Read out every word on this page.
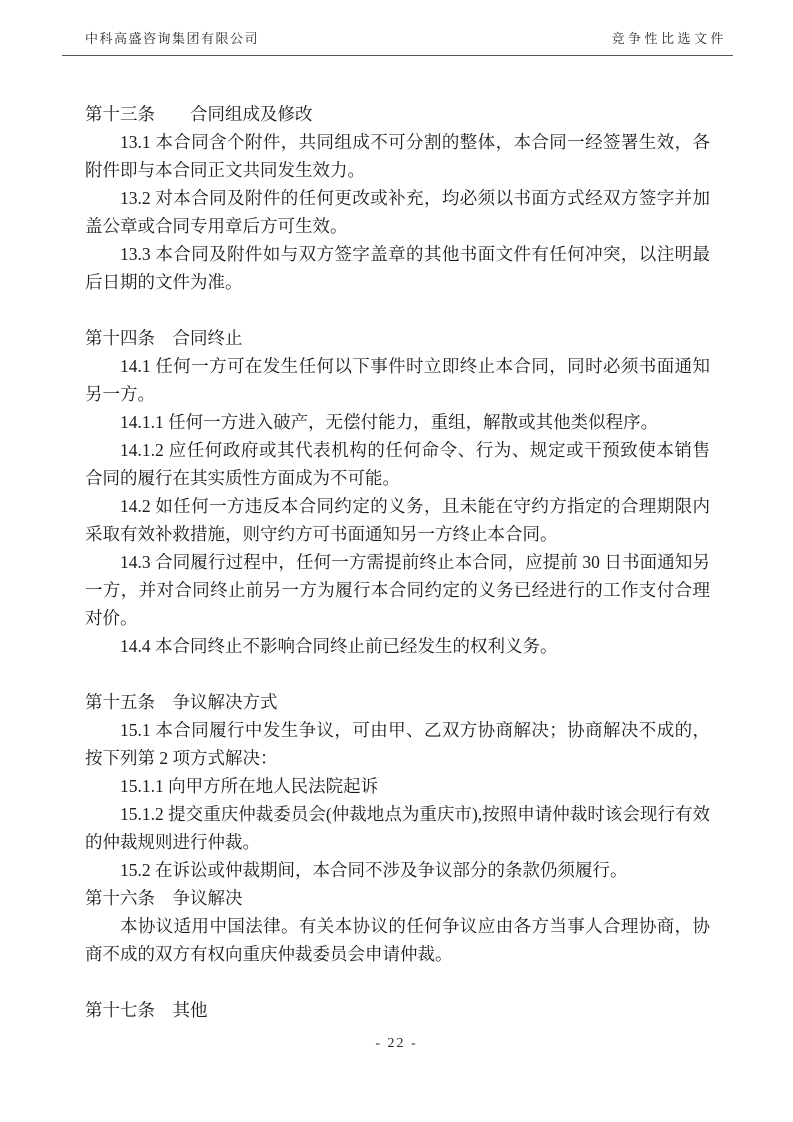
中科高盛咨询集团有限公司	竞争性比选文件
第十三条　　合同组成及修改

13.1 本合同含个附件，共同组成不可分割的整体，本合同一经签署生效，各附件即与本合同正文共同发生效力。

13.2 对本合同及附件的任何更改或补充，均必须以书面方式经双方签字并加盖公章或合同专用章后方可生效。

13.3 本合同及附件如与双方签字盖章的其他书面文件有任何冲突，以注明最后日期的文件为准。

第十四条　合同终止

14.1 任何一方可在发生任何以下事件时立即终止本合同，同时必须书面通知另一方。

14.1.1 任何一方进入破产，无偿付能力，重组，解散或其他类似程序。

14.1.2 应任何政府或其代表机构的任何命令、行为、规定或干预致使本销售合同的履行在其实质性方面成为不可能。

14.2 如任何一方违反本合同约定的义务，且未能在守约方指定的合理期限内采取有效补救措施，则守约方可书面通知另一方终止本合同。

14.3 合同履行过程中，任何一方需提前终止本合同，应提前 30 日书面通知另一方，并对合同终止前另一方为履行本合同约定的义务已经进行的工作支付合理对价。

14.4 本合同终止不影响合同终止前已经发生的权利义务。

第十五条　争议解决方式

15.1 本合同履行中发生争议，可由甲、乙双方协商解决；协商解决不成的， 按下列第 2 项方式解决：

15.1.1 向甲方所在地人民法院起诉

15.1.2 提交重庆仲裁委员会(仲裁地点为重庆市),按照申请仲裁时该会现行有效的仲裁规则进行仲裁。

15.2 在诉讼或仲裁期间，本合同不涉及争议部分的条款仍须履行。

第十六条　争议解决

本协议适用中国法律。有关本协议的任何争议应由各方当事人合理协商，协 商不成的双方有权向重庆仲裁委员会申请仲裁。

第十七条　其他
- 22 -
